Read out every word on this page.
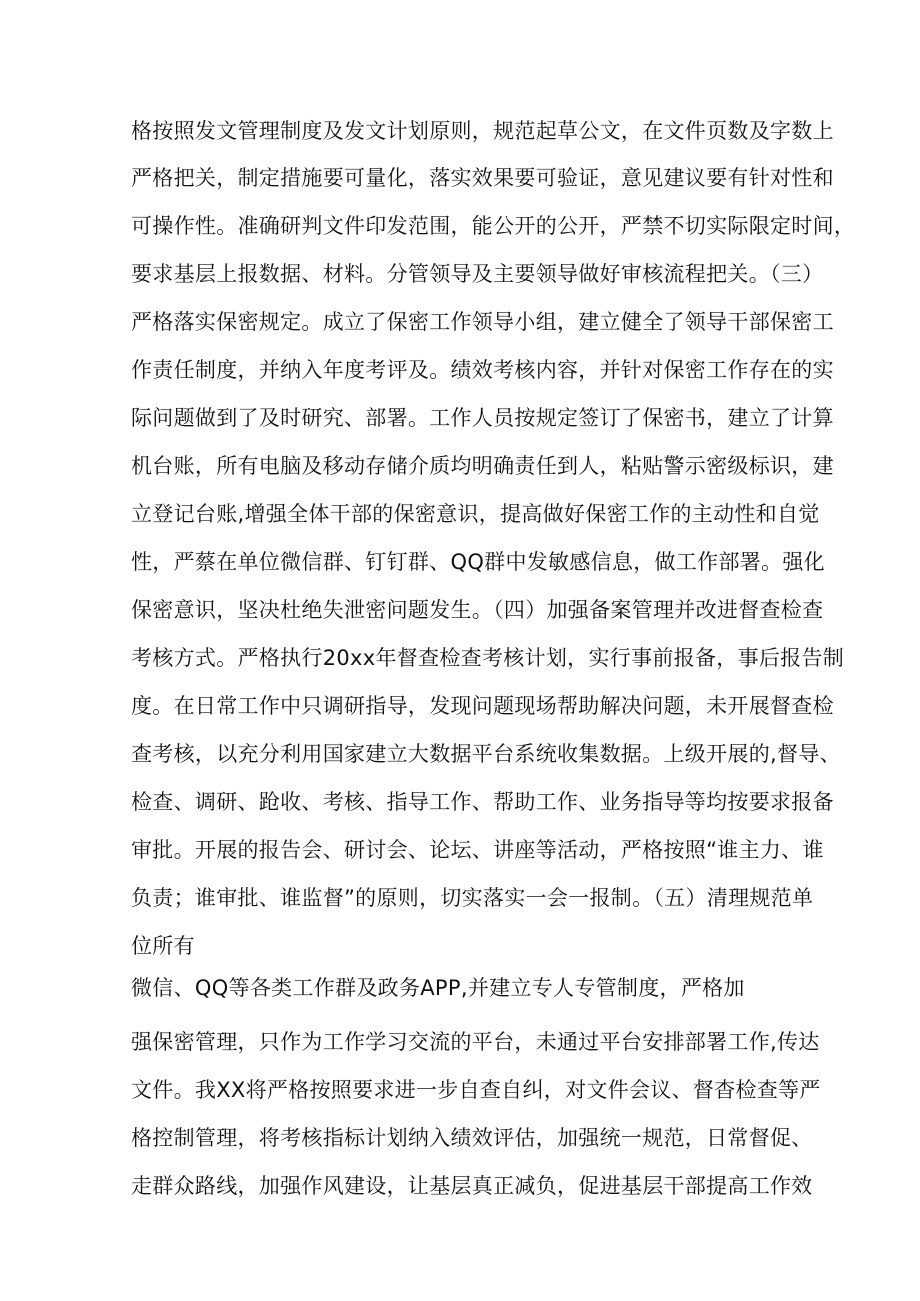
格按照发文管理制度及发文计划原则，规范起草公文，在文件页数及字数上
严格把关，制定措施要可量化，落实效果要可验证，意见建议要有针对性和
可操作性。准确研判文件印发范围，能公开的公开，严禁不切实际限定时间，
要求基层上报数据、材料。分管领导及主要领导做好审核流程把关。（三）
严格落实保密规定。成立了保密工作领导小组，建立健全了领导干部保密工
作责任制度，并纳入年度考评及。绩效考核内容，并针对保密工作存在的实
际问题做到了及时研究、部署。工作人员按规定签订了保密书，建立了计算
机台账，所有电脑及移动存储介质均明确责任到人，粘贴警示密级标识，建
立登记台账,增强全体干部的保密意识，提高做好保密工作的主动性和自觉
性，严蔡在单位微信群、钉钉群、QQ群中发敏感信息，做工作部署。强化
保密意识，坚决杜绝失泄密问题发生。（四）加强备案管理并改进督查检查
考核方式。严格执行20xx年督查检查考核计划，实行事前报备，事后报告制
度。在日常工作中只调研指导，发现问题现场帮助解决问题，未开展督查检
查考核，以充分利用国家建立大数据平台系统收集数据。上级开展的,督导、
检查、调研、跄收、考核、指导工作、帮助工作、业务指导等均按要求报备
审批。开展的报告会、研讨会、论坛、讲座等活动，严格按照“谁主力、谁
负责；谁审批、谁监督”的原则，切实落实一会一报制。（五）清理规范单
位所有
微信、QQ等各类工作群及政务APP,并建立专人专管制度，严格加
强保密管理，只作为工作学习交流的平台，未通过平台安排部署工作,传达
文件。我XX将严格按照要求进一步自查自纠，对文件会议、督杳检查等严
格控制管理，将考核指标计划纳入绩效评估，加强统一规范，日常督促、
走群众路线，加强作风建设，让基层真正减负，促进基层干部提高工作效
